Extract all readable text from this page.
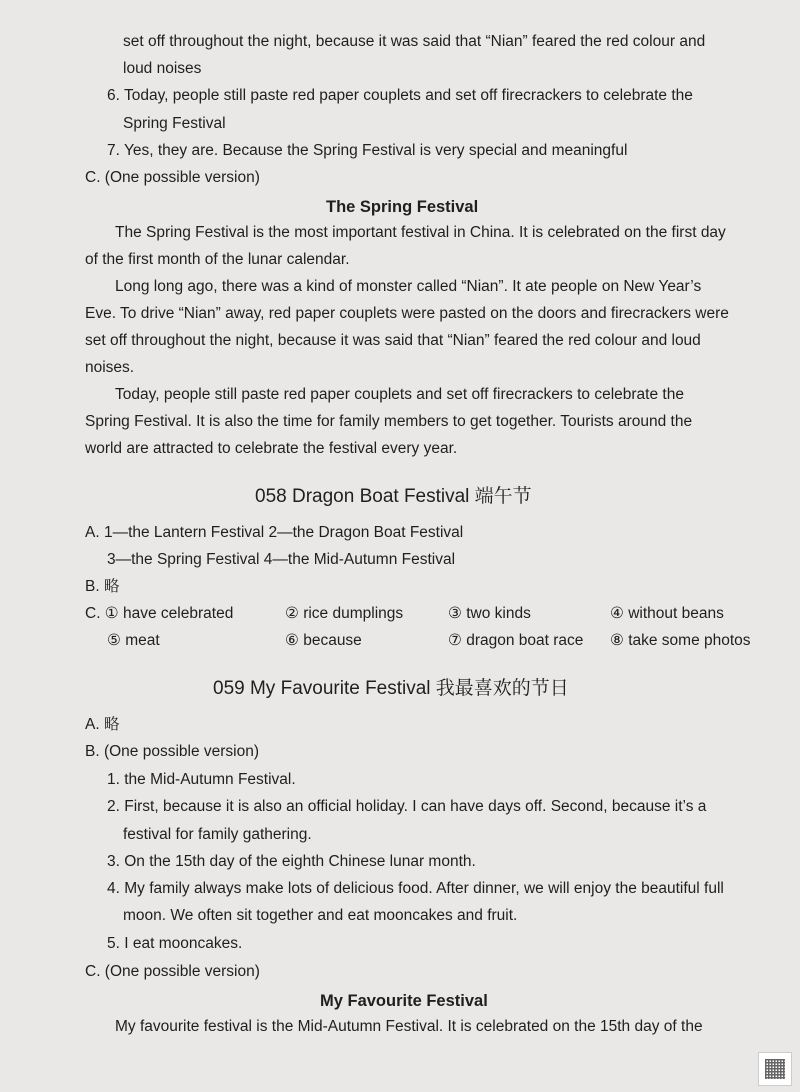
set off throughout the night, because it was said that “Nian” feared the red colour and
loud noises
6. Today, people still paste red paper couplets and set off firecrackers to celebrate the
Spring Festival
7. Yes, they are. Because the Spring Festival is very special and meaningful
C. (One possible version)
The Spring Festival
The Spring Festival is the most important festival in China. It is celebrated on the first day
of the first month of the lunar calendar.
Long long ago, there was a kind of monster called “Nian”. It ate people on New Year’s
Eve. To drive “Nian” away, red paper couplets were pasted on the doors and firecrackers were
set off throughout the night, because it was said that “Nian” feared the red colour and loud
noises.
Today, people still paste red paper couplets and set off firecrackers to celebrate the
Spring Festival. It is also the time for family members to get together. Tourists around the
world are attracted to celebrate the festival every year.
058 Dragon Boat Festival 端午节
A. 1—the Lantern Festival 2—the Dragon Boat Festival
3—the Spring Festival 4—the Mid-Autumn Festival
B. 略
C. ① have celebrated	② rice dumplings	③ two kinds	④ without beans
⑤ meat	⑥ because	⑦ dragon boat race ⑧ take some photos
059 My Favourite Festival 我最喜欢的节日
A. 略
B. (One possible version)
1. the Mid-Autumn Festival.
2. First, because it is also an official holiday. I can have days off. Second, because it’s a
festival for family gathering.
3. On the 15th day of the eighth Chinese lunar month.
4. My family always make lots of delicious food. After dinner, we will enjoy the beautiful full
moon. We often sit together and eat mooncakes and fruit.
5. I eat mooncakes.
C. (One possible version)
My Favourite Festival
My favourite festival is the Mid-Autumn Festival. It is celebrated on the 15th day of the
